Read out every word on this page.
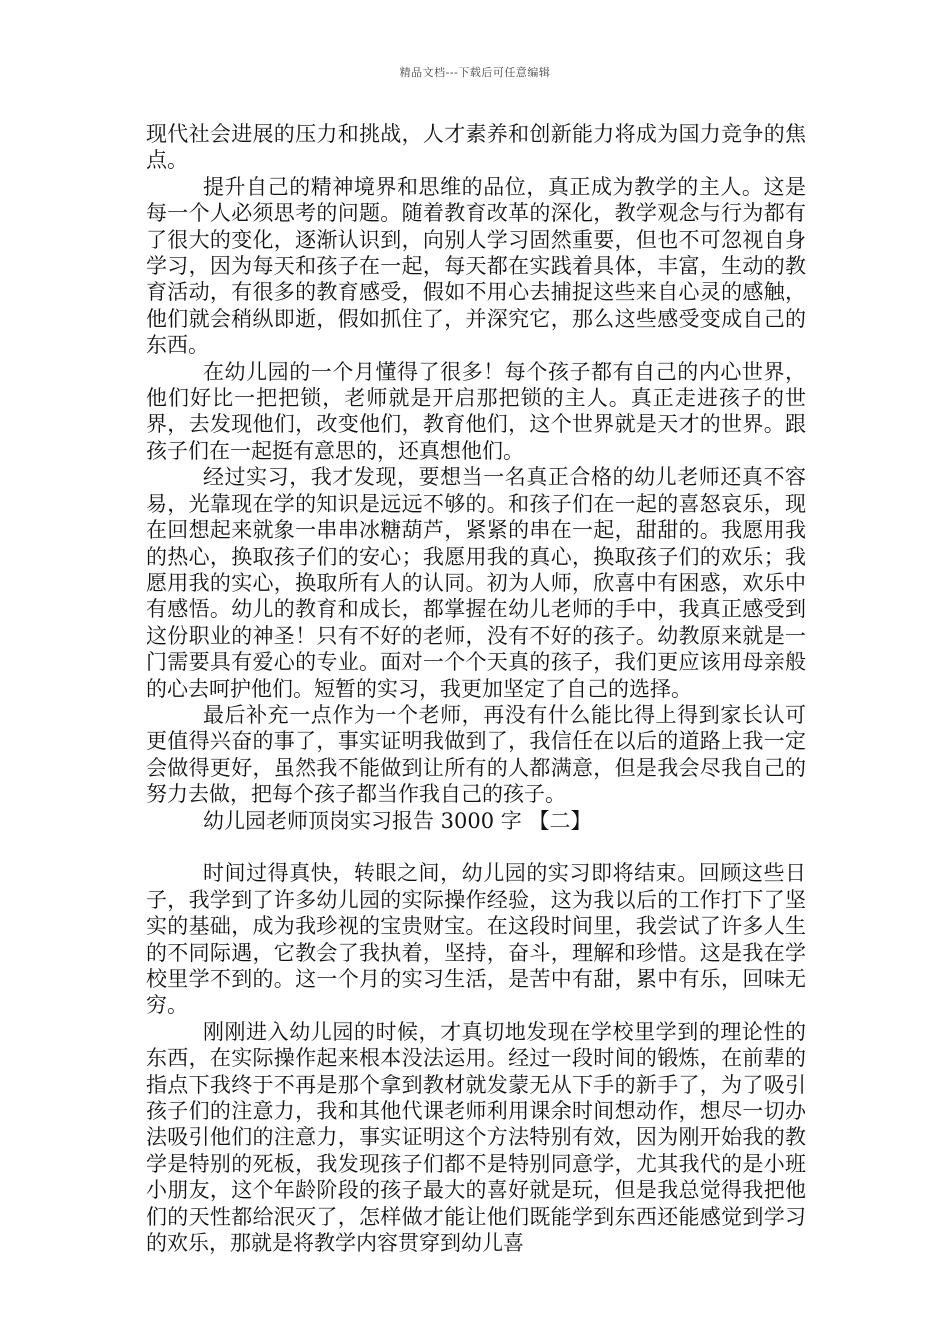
精品文档---下载后可任意编辑

现代社会进展的压力和挑战，人才素养和创新能力将成为国力竞争的焦点。

提升自己的精神境界和思维的品位，真正成为教学的主人。这是每一个人必须思考的问题。随着教育改革的深化，教学观念与行为都有了很大的变化，逐渐认识到，向别人学习固然重要，但也不可忽视自身学习，因为每天和孩子在一起，每天都在实践着具体，丰富，生动的教育活动，有很多的教育感受，假如不用心去捕捉这些来自心灵的感触，他们就会稍纵即逝，假如抓住了，并深究它，那么这些感受变成自己的东西。

在幼儿园的一个月懂得了很多！每个孩子都有自己的内心世界，他们好比一把把锁，老师就是开启那把锁的主人。真正走进孩子的世界，去发现他们，改变他们，教育他们，这个世界就是天才的世界。跟孩子们在一起挺有意思的，还真想他们。

经过实习，我才发现，要想当一名真正合格的幼儿老师还真不容易，光靠现在学的知识是远远不够的。和孩子们在一起的喜怒哀乐，现在回想起来就象一串串冰糖葫芦，紧紧的串在一起，甜甜的。我愿用我的热心，换取孩子们的安心；我愿用我的真心，换取孩子们的欢乐；我愿用我的实心，换取所有人的认同。初为人师，欣喜中有困惑，欢乐中有感悟。幼儿的教育和成长，都掌握在幼儿老师的手中，我真正感受到这份职业的神圣！只有不好的老师，没有不好的孩子。幼教原来就是一门需要具有爱心的专业。面对一个个天真的孩子，我们更应该用母亲般的心去呵护他们。短暂的实习，我更加坚定了自己的选择。

最后补充一点作为一个老师，再没有什么能比得上得到家长认可更值得兴奋的事了，事实证明我做到了，我信任在以后的道路上我一定会做得更好，虽然我不能做到让所有的人都满意，但是我会尽我自己的努力去做，把每个孩子都当作我自己的孩子。

幼儿园老师顶岗实习报告 3000 字 【二】

时间过得真快，转眼之间，幼儿园的实习即将结束。回顾这些日子，我学到了许多幼儿园的实际操作经验，这为我以后的工作打下了坚实的基础，成为我珍视的宝贵财宝。在这段时间里，我尝试了许多人生的不同际遇，它教会了我执着，坚持，奋斗，理解和珍惜。这是我在学校里学不到的。这一个月的实习生活，是苦中有甜，累中有乐，回味无穷。

刚刚进入幼儿园的时候，才真切地发现在学校里学到的理论性的东西，在实际操作起来根本没法运用。经过一段时间的锻炼，在前辈的指点下我终于不再是那个拿到教材就发蒙无从下手的新手了，为了吸引孩子们的注意力，我和其他代课老师利用课余时间想动作，想尽一切办法吸引他们的注意力，事实证明这个方法特别有效，因为刚开始我的教学是特别的死板，我发现孩子们都不是特别同意学，尤其我代的是小班小朋友，这个年龄阶段的孩子最大的喜好就是玩，但是我总觉得我把他们的天性都给泯灭了，怎样做才能让他们既能学到东西还能感觉到学习的欢乐，那就是将教学内容贯穿到幼儿喜
